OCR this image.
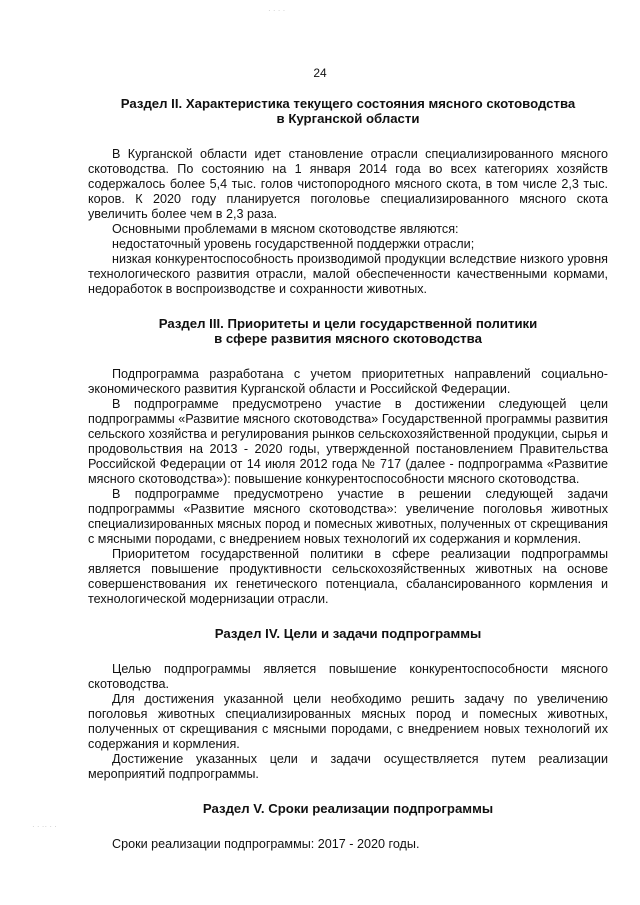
24

Раздел II. Характеристика текущего состояния мясного скотоводства

в Курганской области

В Курганской области идет становление отрасли специализированного мясного скотоводства. По состоянию на 1 января 2014 года во всех категориях хозяйств содержалось более 5,4 тыс. голов чистопородного мясного скота, в том числе 2,3 тыс. коров. К 2020 году планируется поголовье специализированного мясного скота увеличить более чем в 2,3 раза.

Основными проблемами в мясном скотоводстве являются:

недостаточный уровень государственной поддержки отрасли;

низкая конкурентоспособность производимой продукции вследствие низкого уровня технологического развития отрасли, малой обеспеченности качественными кормами, недоработок в воспроизводстве и сохранности животных.

Раздел III. Приоритеты и цели государственной политики

в сфере развития мясного скотоводства

Подпрограмма разработана с учетом приоритетных направлений социально-экономического развития Курганской области и Российской Федерации.

В подпрограмме предусмотрено участие в достижении следующей цели подпрограммы «Развитие мясного скотоводства» Государственной программы развития сельского хозяйства и регулирования рынков сельскохозяйственной продукции, сырья и продовольствия на 2013 - 2020 годы, утвержденной постановлением Правительства Российской Федерации от 14 июля 2012 года № 717 (далее - подпрограмма «Развитие мясного скотоводства»): повышение конкурентоспособности мясного скотоводства.

В подпрограмме предусмотрено участие в решении следующей задачи подпрограммы «Развитие мясного скотоводства»: увеличение поголовья животных специализированных мясных пород и помесных животных, полученных от скрещивания с мясными породами, с внедрением новых технологий их содержания и кормления.

Приоритетом государственной политики в сфере реализации подпрограммы является повышение продуктивности сельскохозяйственных животных на основе совершенствования их генетического потенциала, сбалансированного кормления и технологической модернизации отрасли.

Раздел IV. Цели и задачи подпрограммы

Целью подпрограммы является повышение конкурентоспособности мясного скотоводства.

Для достижения указанной цели необходимо решить задачу по увеличению поголовья животных специализированных мясных пород и помесных животных, полученных от скрещивания с мясными породами, с внедрением новых технологий их содержания и кормления.

Достижение указанных цели и задачи осуществляется путем реализации мероприятий подпрограммы.

Раздел V. Сроки реализации подпрограммы

Сроки реализации подпрограммы: 2017 - 2020 годы.

· · · ·
· · ·· · ·
